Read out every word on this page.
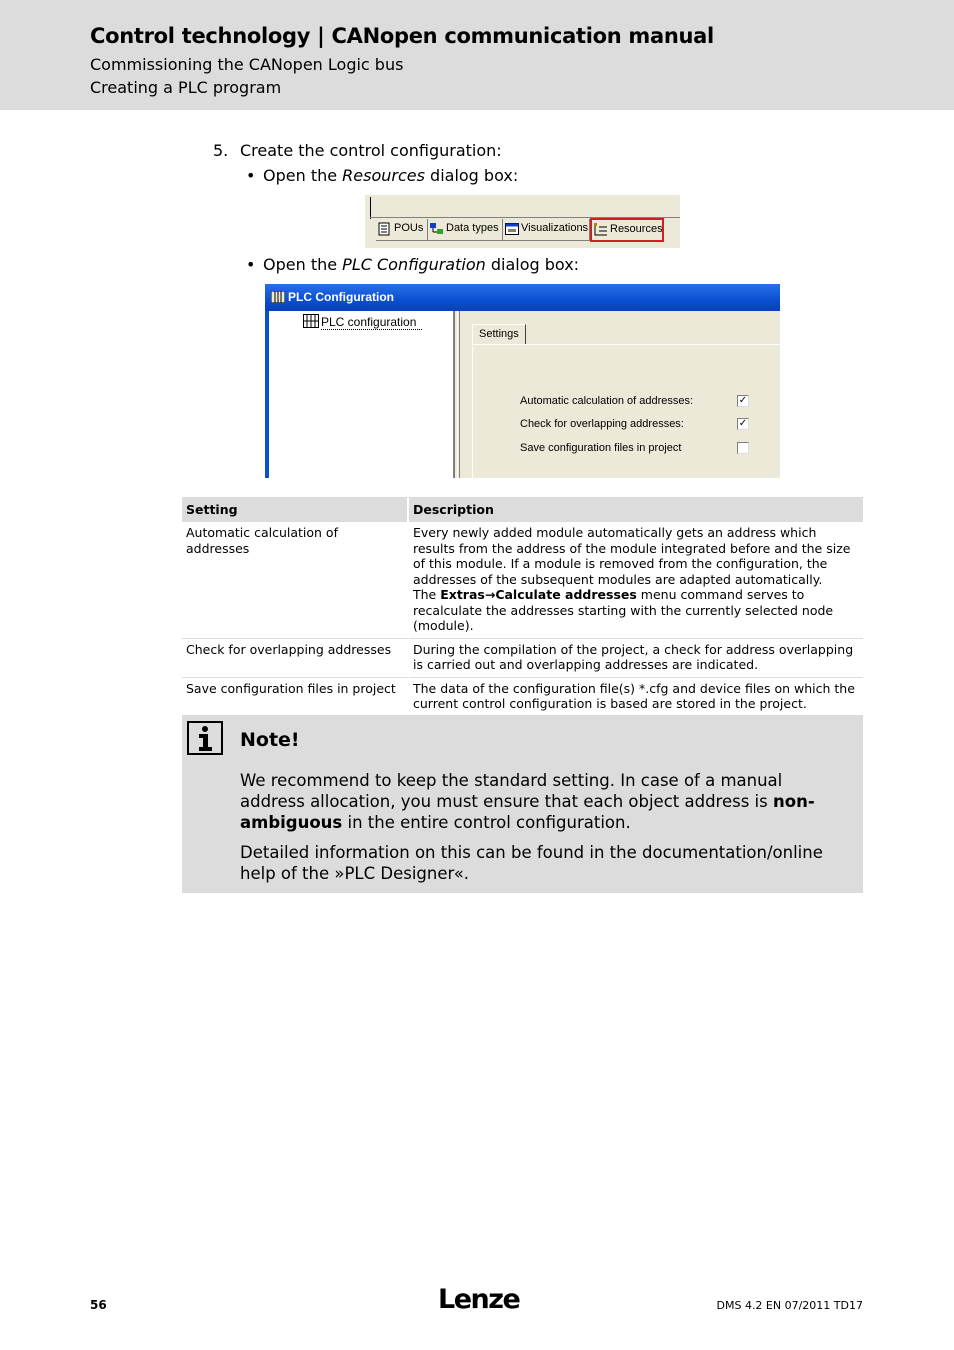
Control technology | CANopen communication manual
Commissioning the CANopen Logic bus
Creating a PLC program
5. Create the control configuration:
• Open the Resources dialog box:
POUs Data types Visualizations Resources
• Open the PLC Configuration dialog box:
PLC Configuration
PLC configuration
Settings
Automatic calculation of addresses:	✓
Check for overlapping addresses:	✓
Save configuration files in project
Setting	Description
Automatic calculation of addresses	Every newly added module automatically gets an address which results from the address of the module integrated before and the size of this module. If a module is removed from the configuration, the addresses of the subsequent modules are adapted automatically.
The Extras→Calculate addresses menu command serves to recalculate the addresses starting with the currently selected node (module).

Check for overlapping addresses	During the compilation of the project, a check for address overlapping is carried out and overlapping addresses are indicated.
Save configuration files in project	The data of the configuration file(s) *.cfg and device files on which the current control configuration is based are stored in the project.
Note!

We recommend to keep the standard setting. In case of a manual address allocation, you must ensure that each object address is non-ambiguous in the entire control configuration.

Detailed information on this can be found in the documentation/online help of the »PLC Designer«.

56	Lenze	DMS 4.2 EN 07/2011 TD17
